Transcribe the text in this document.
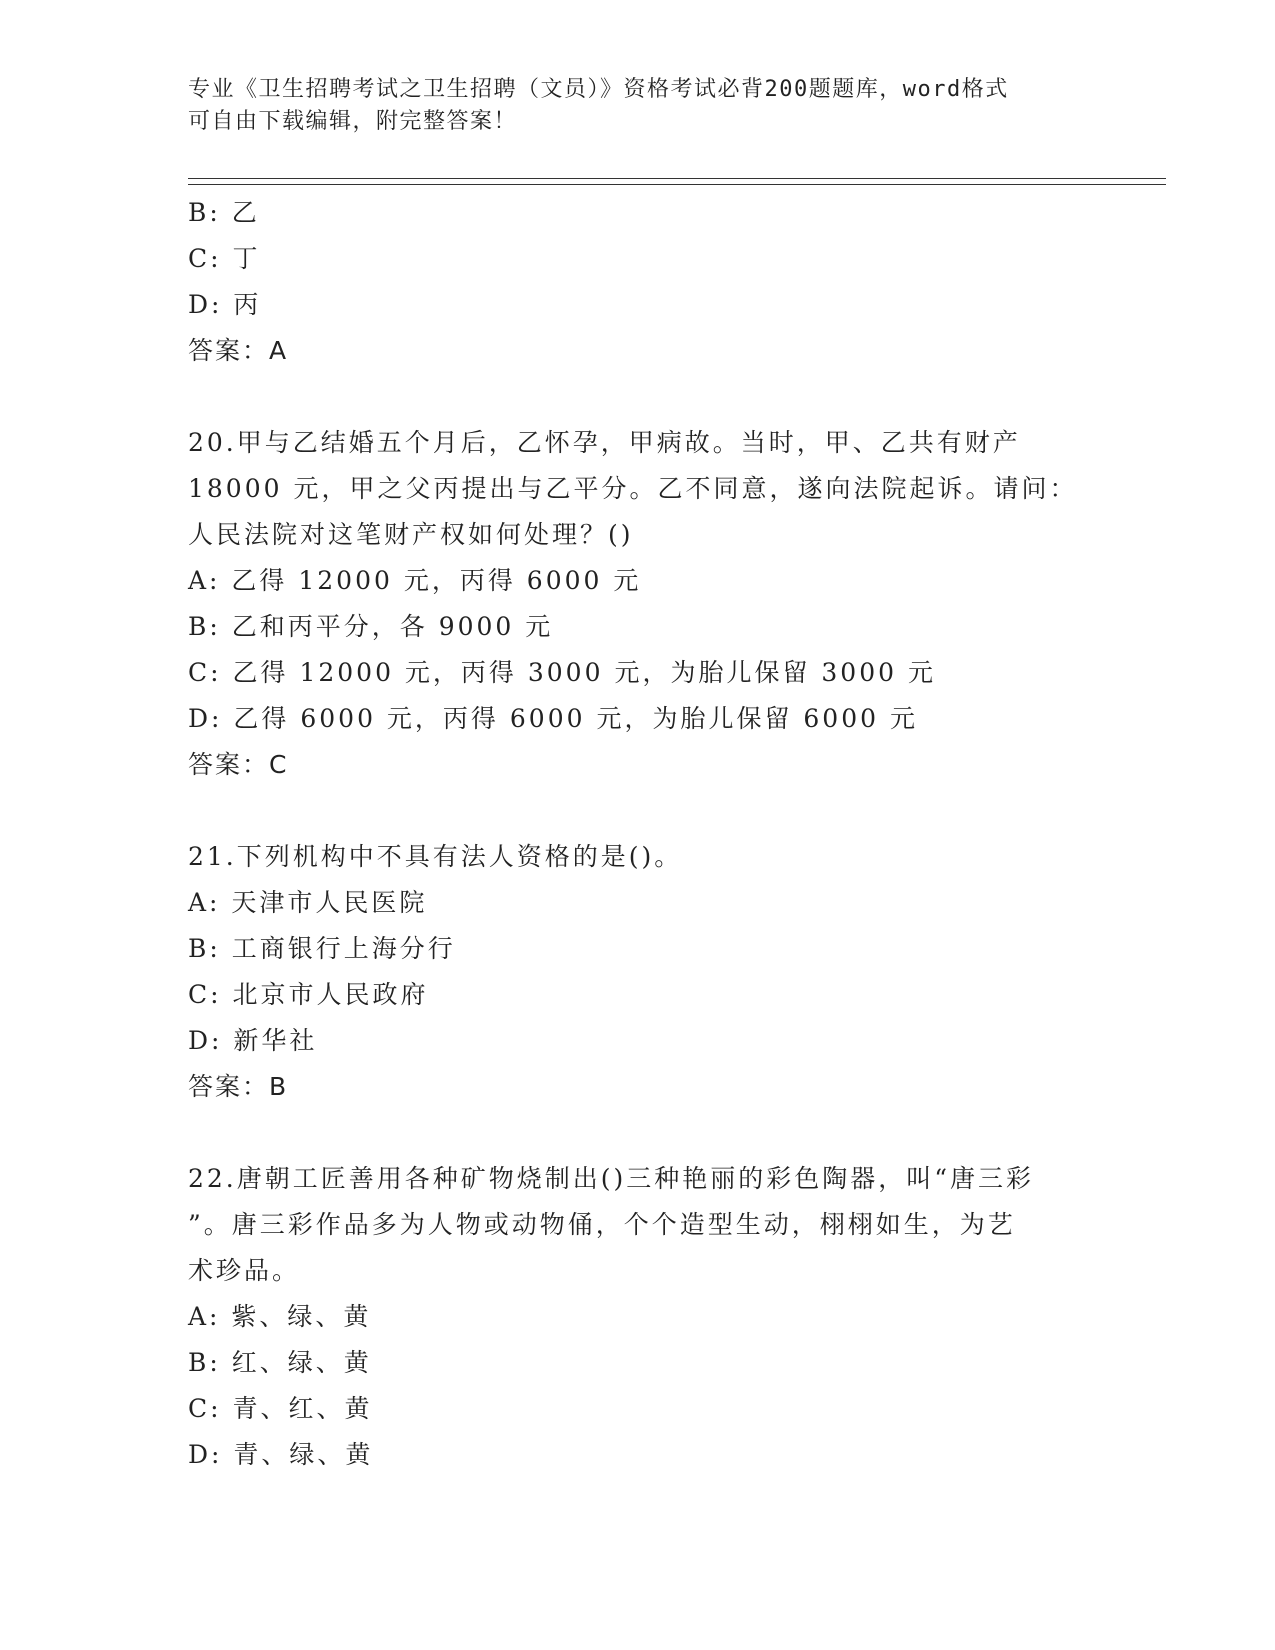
专业《卫生招聘考试之卫生招聘（文员）》资格考试必背200题题库，word格式
可自由下载编辑，附完整答案！
B: 乙
C: 丁
D: 丙
答案：A
20.甲与乙结婚五个月后，乙怀孕，甲病故。当时，甲、乙共有财产
18000 元，甲之父丙提出与乙平分。乙不同意，遂向法院起诉。请问：
人民法院对这笔财产权如何处理？()
A: 乙得 12000 元，丙得 6000 元
B: 乙和丙平分，各 9000 元
C: 乙得 12000 元，丙得 3000 元，为胎儿保留 3000 元
D: 乙得 6000 元，丙得 6000 元，为胎儿保留 6000 元
答案：C
21.下列机构中不具有法人资格的是()。
A: 天津市人民医院
B: 工商银行上海分行
C: 北京市人民政府
D: 新华社
答案：B
22.唐朝工匠善用各种矿物烧制出()三种艳丽的彩色陶器，叫“唐三彩
”。唐三彩作品多为人物或动物俑，个个造型生动，栩栩如生，为艺
术珍品。
A: 紫、绿、黄
B: 红、绿、黄
C: 青、红、黄
D: 青、绿、黄
